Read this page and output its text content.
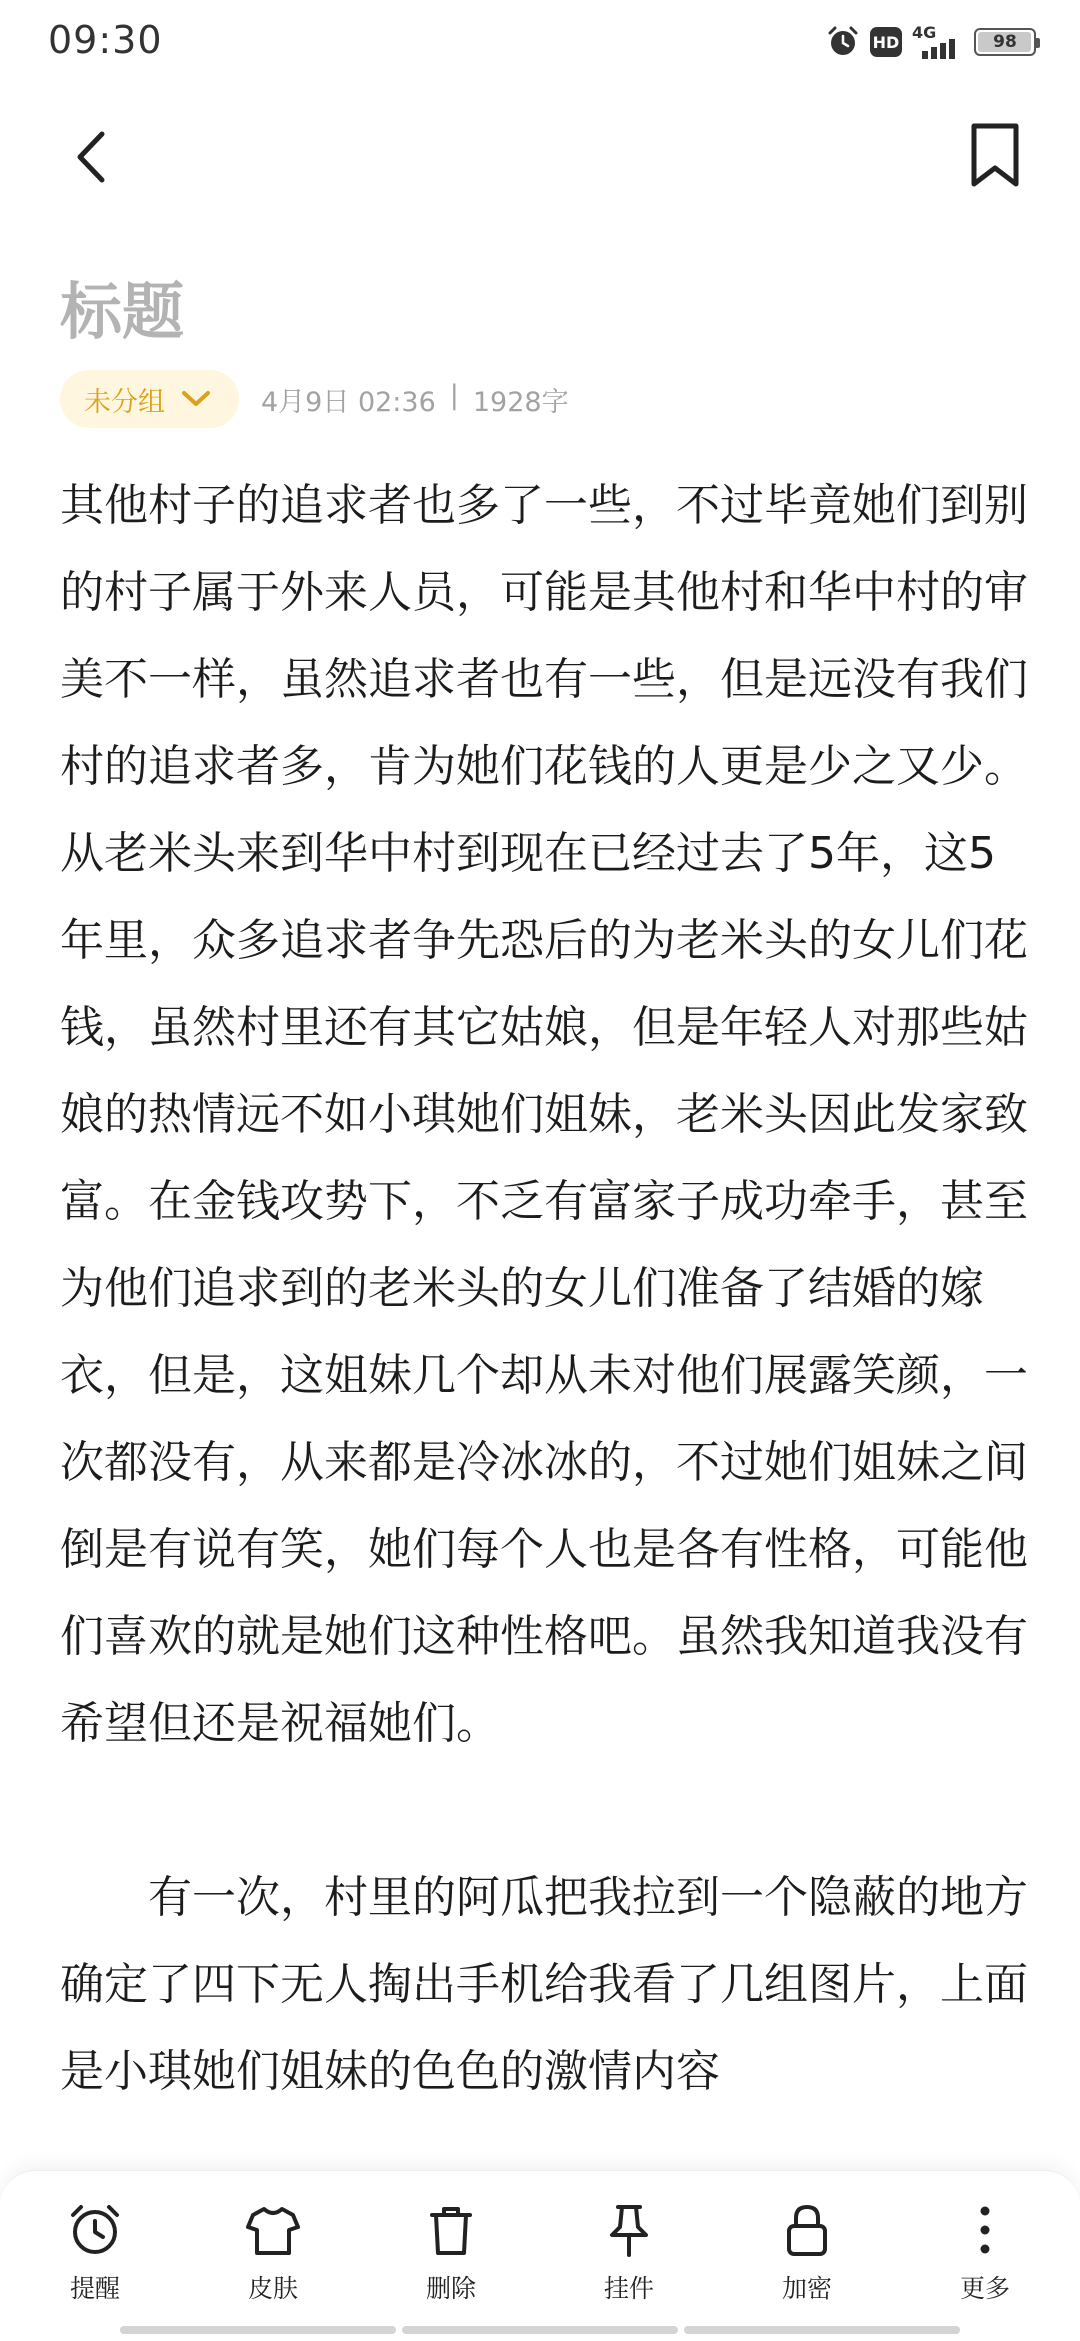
09:30	HD 4G	98
标题
未分组	4月9日 02:36 | 1928字

其他村子的追求者也多了一些，不过毕竟她们到别的村子属于外来人员，可能是其他村和华中村的审美不一样，虽然追求者也有一些，但是远没有我们村的追求者多，肯为她们花钱的人更是少之又少。从老米头来到华中村到现在已经过去了5年，这5年里，众多追求者争先恐后的为老米头的女儿们花钱，虽然村里还有其它姑娘，但是年轻人对那些姑娘的热情远不如小琪她们姐妹，老米头因此发家致富。在金钱攻势下，不乏有富家子成功牵手，甚至为他们追求到的老米头的女儿们准备了结婚的嫁衣，但是，这姐妹几个却从未对他们展露笑颜，一次都没有，从来都是冷冰冰的，不过她们姐妹之间倒是有说有笑，她们每个人也是各有性格，可能他们喜欢的就是她们这种性格吧。虽然我知道我没有希望但还是祝福她们。

有一次，村里的阿瓜把我拉到一个隐蔽的地方确定了四下无人掏出手机给我看了几组图片，上面是小琪她们姐妹的色色的激情内容

提醒	皮肤	删除	挂件	加密	更多
